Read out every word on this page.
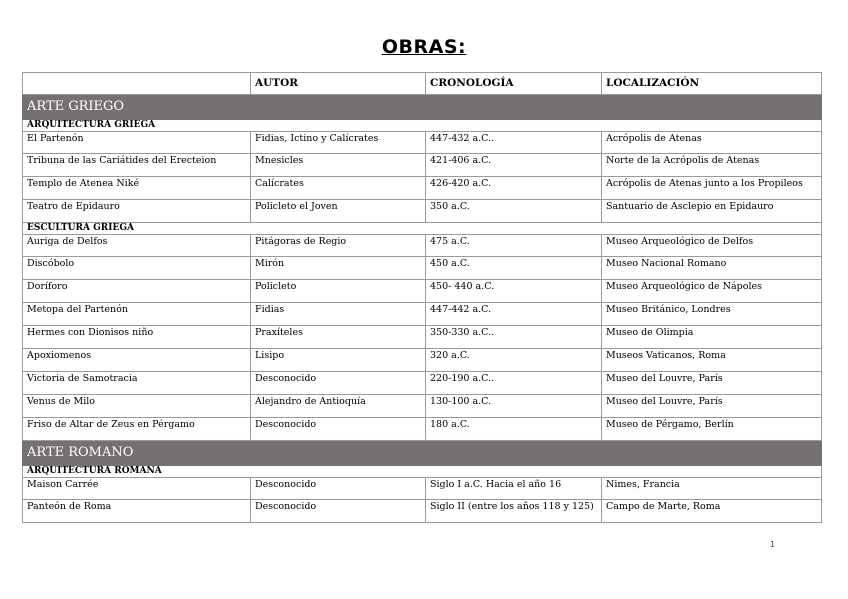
OBRAS:
	AUTOR	CRONOLOGÍA	LOCALIZACIÓN
ARTE GRIEGO			
ARQUITECTURA GRIEGA			
El Partenón	Fidias, Ictino y Calícrates	447-432 a.C..	Acrópolis de Atenas
Tribuna de las Cariátides del Erecteion	Mnesicles	421-406 a.C.	Norte de la Acrópolis de Atenas
Templo de Atenea Niké	Calícrates	426-420 a.C.	Acrópolis de Atenas junto a los Propileos
Teatro de Epidauro	Policleto el Joven	350 a.C.	Santuario de Asclepio en Epidauro
ESCULTURA GRIEGA			
Auriga de Delfos	Pitágoras de Regio	475 a.C.	Museo Arqueológico de Delfos
Discóbolo	Mirón	450 a.C.	Museo Nacional Romano
Doríforo	Policleto	450- 440 a.C.	Museo Arqueológico de Nápoles
Metopa del Partenón	Fidias	447-442 a.C.	Museo Británico, Londres
Hermes con Dionisos niño	Praxíteles	350-330 a.C..	Museo de Olimpia
Apoxiomenos	Lisipo	320 a.C.	Museos Vaticanos, Roma
Victoria de Samotracia	Desconocido	220-190 a.C..	Museo del Louvre, París
Venus de Milo	Alejandro de Antioquía	130-100 a.C.	Museo del Louvre, París
Friso de Altar de Zeus en Pérgamo	Desconocido	180 a.C.	Museo de Pérgamo, Berlín
ARTE ROMANO			
ARQUITECTURA ROMANA			
Maison Carrée	Desconocido	Siglo I a.C. Hacia el año 16	Nimes, Francia
Panteón de Roma	Desconocido	Siglo II (entre los años 118 y 125)	Campo de Marte, Roma
1
